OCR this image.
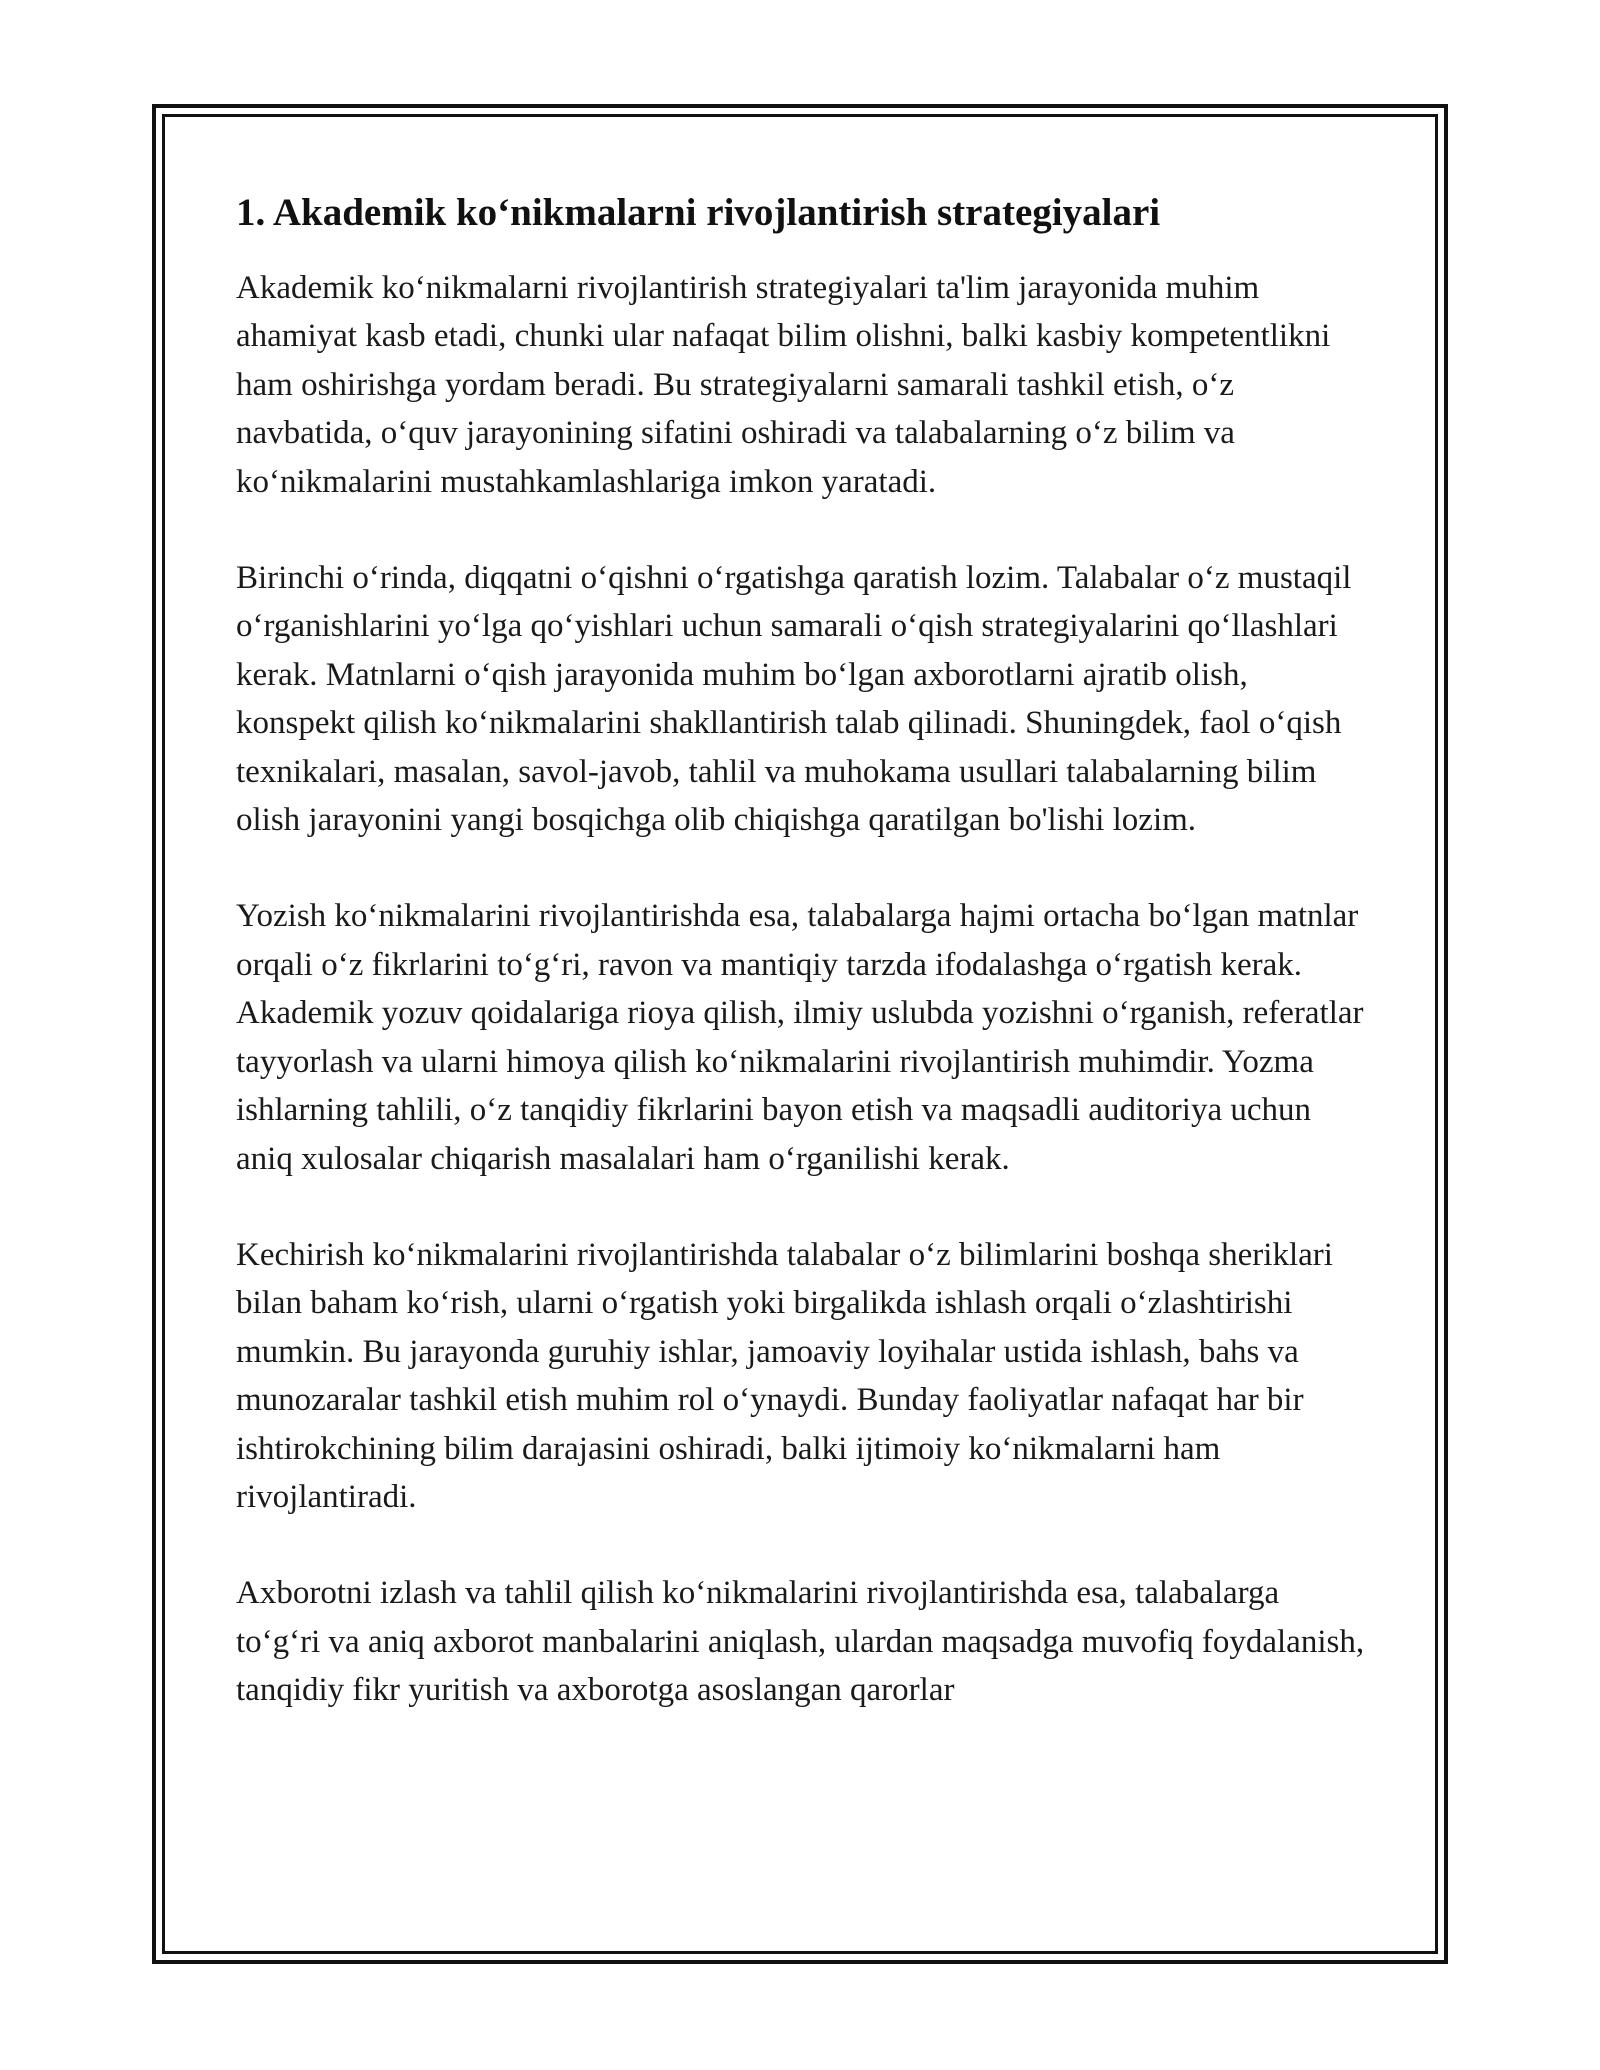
1. Akademik ko‘nikmalarni rivojlantirish strategiyalari

Akademik ko‘nikmalarni rivojlantirish strategiyalari ta'lim jarayonida muhim ahamiyat kasb etadi, chunki ular nafaqat bilim olishni, balki kasbiy kompetentlikni ham oshirishga yordam beradi. Bu strategiyalarni samarali tashkil etish, o‘z navbatida, o‘quv jarayonining sifatini oshiradi va talabalarning o‘z bilim va ko‘nikmalarini mustahkamlashlariga imkon yaratadi.

Birinchi o‘rinda, diqqatni o‘qishni o‘rgatishga qaratish lozim. Talabalar o‘z mustaqil o‘rganishlarini yo‘lga qo‘yishlari uchun samarali o‘qish strategiyalarini qo‘llashlari kerak. Matnlarni o‘qish jarayonida muhim bo‘lgan axborotlarni ajratib olish, konspekt qilish ko‘nikmalarini shakllantirish talab qilinadi. Shuningdek, faol o‘qish texnikalari, masalan, savol-javob, tahlil va muhokama usullari talabalarning bilim olish jarayonini yangi bosqichga olib chiqishga qaratilgan bo'lishi lozim.

Yozish ko‘nikmalarini rivojlantirishda esa, talabalarga hajmi ortacha bo‘lgan matnlar orqali o‘z fikrlarini to‘g‘ri, ravon va mantiqiy tarzda ifodalashga o‘rgatish kerak. Akademik yozuv qoidalariga rioya qilish, ilmiy uslubda yozishni o‘rganish, referatlar tayyorlash va ularni himoya qilish ko‘nikmalarini rivojlantirish muhimdir. Yozma ishlarning tahlili, o‘z tanqidiy fikrlarini bayon etish va maqsadli auditoriya uchun aniq xulosalar chiqarish masalalari ham o‘rganilishi kerak.

Kechirish ko‘nikmalarini rivojlantirishda talabalar o‘z bilimlarini boshqa sheriklari bilan baham ko‘rish, ularni o‘rgatish yoki birgalikda ishlash orqali o‘zlashtirishi mumkin. Bu jarayonda guruhiy ishlar, jamoaviy loyihalar ustida ishlash, bahs va munozaralar tashkil etish muhim rol o‘ynaydi. Bunday faoliyatlar nafaqat har bir ishtirokchining bilim darajasini oshiradi, balki ijtimoiy ko‘nikmalarni ham rivojlantiradi.

Axborotni izlash va tahlil qilish ko‘nikmalarini rivojlantirishda esa, talabalarga to‘g‘ri va aniq axborot manbalarini aniqlash, ulardan maqsadga muvofiq foydalanish, tanqidiy fikr yuritish va axborotga asoslangan qarorlar
